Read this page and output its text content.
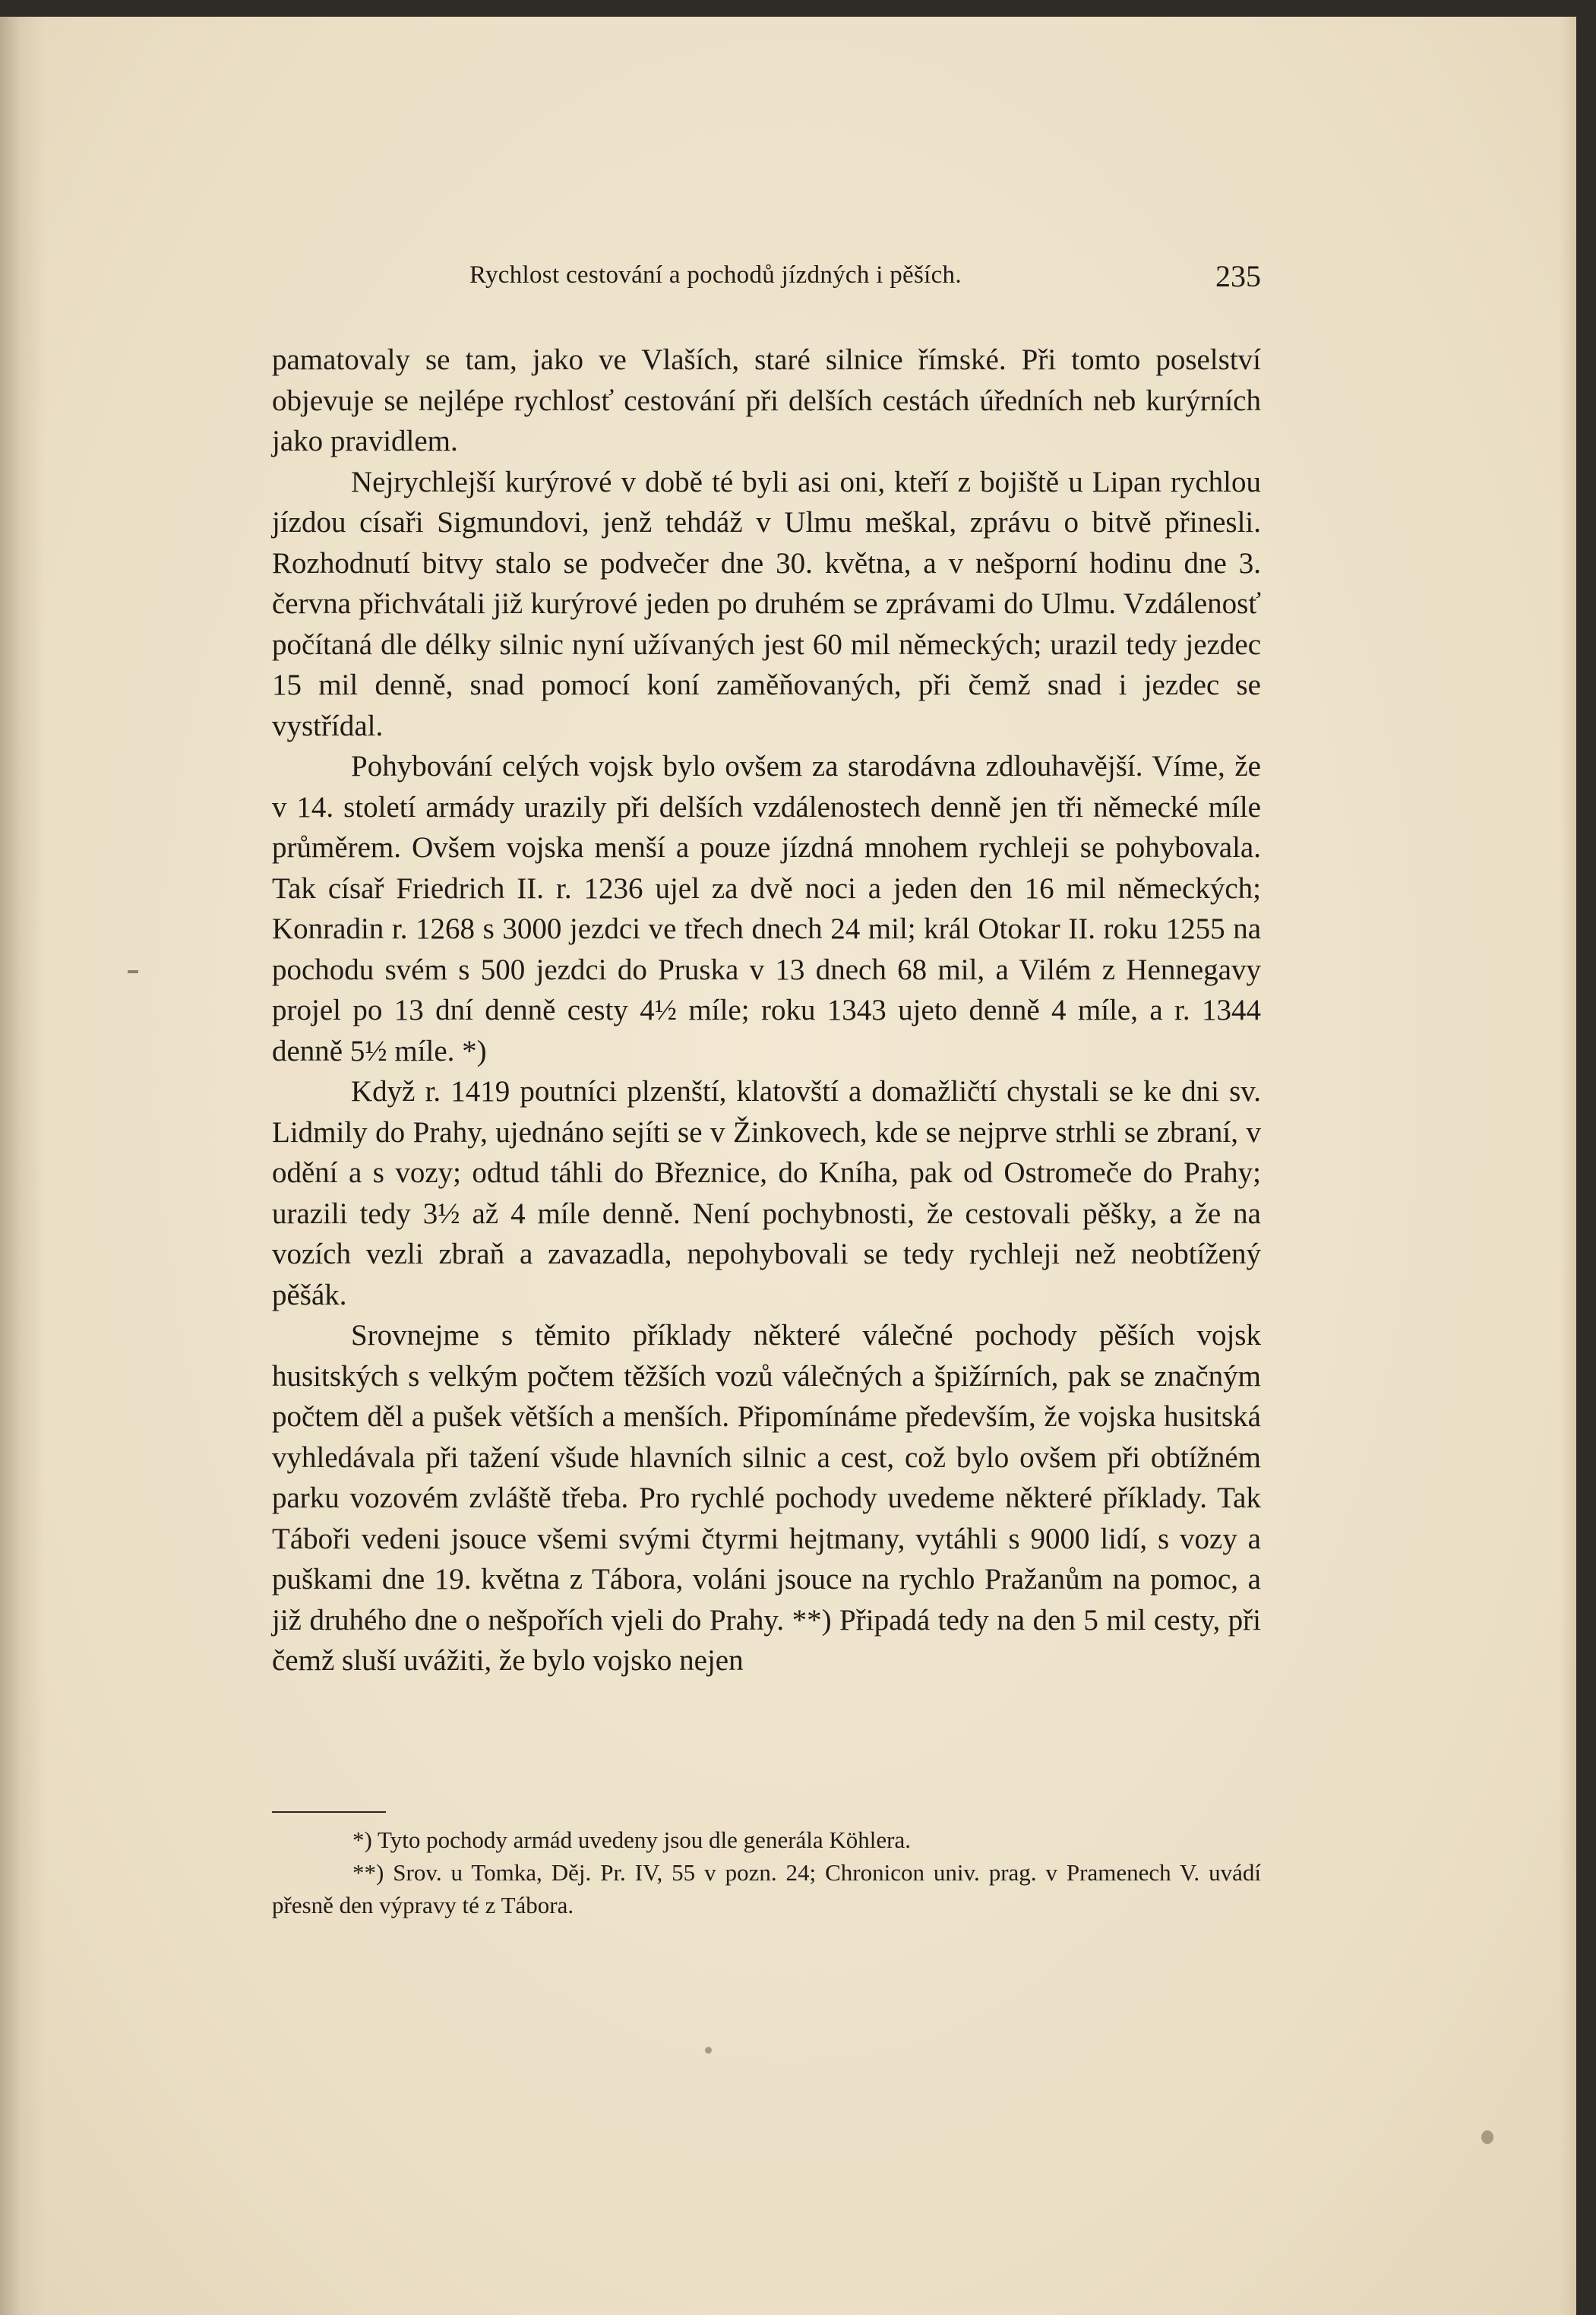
Rychlost cestování a pochodů jízdných i pěších.	235

pamatovaly se tam, jako ve Vlaších, staré silnice římské. Při tomto poselství objevuje se nejlépe rychlosť cestování při delších cestách úředních neb kurýrních jako pravidlem.

Nejrychlejší kurýrové v době té byli asi oni, kteří z bojiště u Lipan rychlou jízdou císaři Sigmundovi, jenž tehdáž v Ulmu meškal, zprávu o bitvě přinesli. Rozhodnutí bitvy stalo se podvečer dne 30. května, a v nešporní hodinu dne 3. června přichvátali již kurýrové jeden po druhém se zprávami do Ulmu. Vzdálenosť počítaná dle délky silnic nyní užívaných jest 60 mil německých; urazil tedy jezdec 15 mil denně, snad pomocí koní zaměňovaných, při čemž snad i jezdec se vystřídal.

Pohybování celých vojsk bylo ovšem za starodávna zdlouhavější. Víme, že v 14. století armády urazily při delších vzdálenostech denně jen tři německé míle průměrem. Ovšem vojska menší a pouze jízdná mnohem rychleji se pohybovala. Tak císař Friedrich II. r. 1236 ujel za dvě noci a jeden den 16 mil německých; Konradin r. 1268 s 3000 jezdci ve třech dnech 24 mil; král Otokar II. roku 1255 na pochodu svém s 500 jezdci do Pruska v 13 dnech 68 mil, a Vilém z Hennegavy projel po 13 dní denně cesty 4½ míle; roku 1343 ujeto denně 4 míle, a r. 1344 denně 5½ míle. *)

Když r. 1419 poutníci plzenští, klatovští a domažličtí chystali se ke dni sv. Lidmily do Prahy, ujednáno sejíti se v Žinkovech, kde se nejprve strhli se zbraní, v odění a s vozy; odtud táhli do Březnice, do Kníha, pak od Ostromeče do Prahy; urazili tedy 3½ až 4 míle denně. Není pochybnosti, že cestovali pěšky, a že na vozích vezli zbraň a zavazadla, nepohybovali se tedy rychleji než neobtížený pěšák.

Srovnejme s těmito příklady některé válečné pochody pěších vojsk husitských s velkým počtem těžších vozů válečných a špižírních, pak se značným počtem děl a pušek větších a menších. Připomínáme především, že vojska husitská vyhledávala při tažení všude hlavních silnic a cest, což bylo ovšem při obtížném parku vozovém zvláště třeba. Pro rychlé pochody uvedeme některé příklady. Tak Táboři vedeni jsouce všemi svými čtyrmi hejtmany, vytáhli s 9000 lidí, s vozy a puškami dne 19. května z Tábora, voláni jsouce na rychlo Pražanům na pomoc, a již druhého dne o nešpořích vjeli do Prahy. **) Připadá tedy na den 5 mil cesty, při čemž sluší uvážiti, že bylo vojsko nejen

*) Tyto pochody armád uvedeny jsou dle generála Köhlera.

**) Srov. u Tomka, Děj. Pr. IV, 55 v pozn. 24; Chronicon univ. prag. v Pramenech V. uvádí přesně den výpravy té z Tábora.
